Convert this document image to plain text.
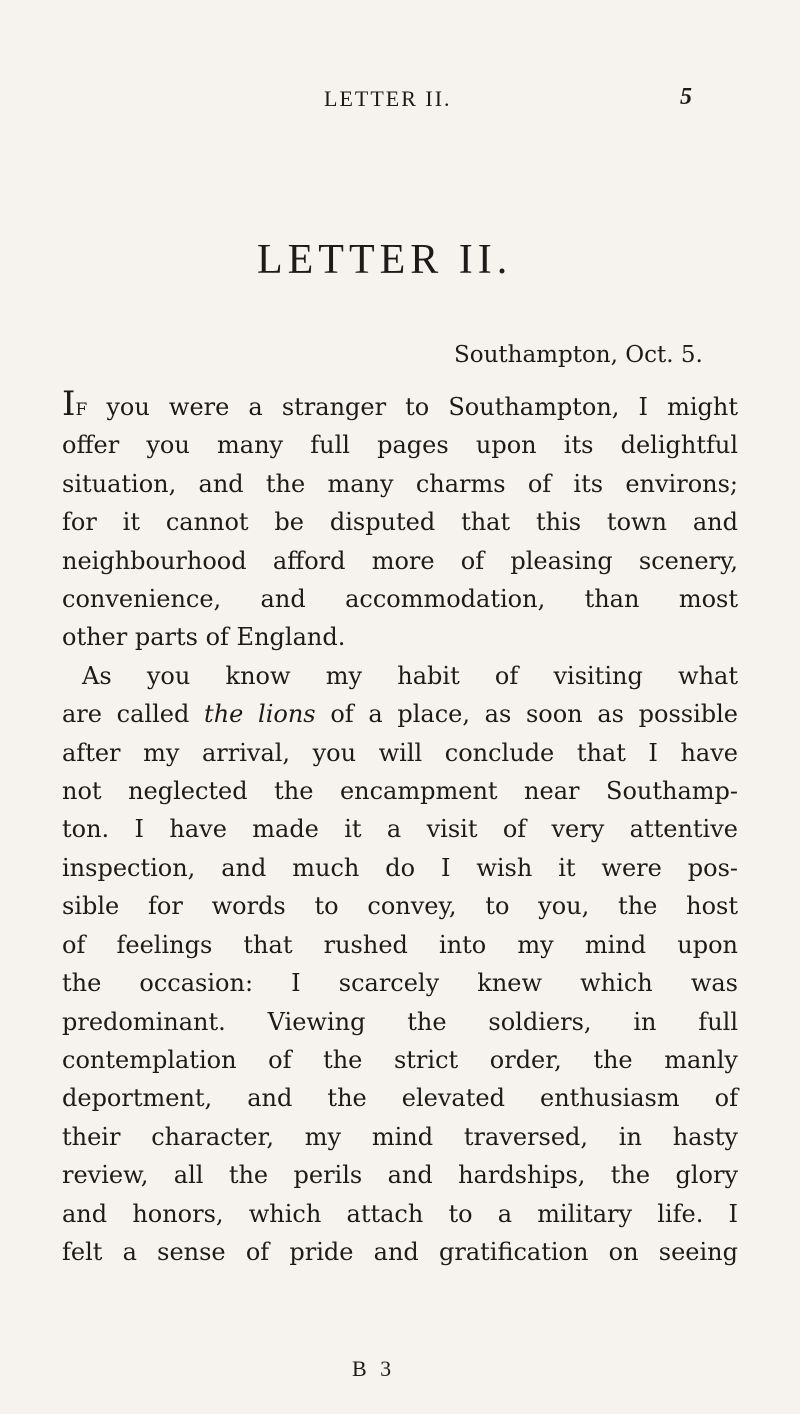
LETTER II.	5
LETTER II.
Southampton, Oct. 5.

If you were a stranger to Southampton, I might
offer you many full pages upon its delightful
situation, and the many charms of its environs;
for it cannot be disputed that this town and
neighbourhood afford more of pleasing scenery,
convenience, and accommodation, than most
other parts of England.

As you know my habit of visiting what
are called the lions of a place, as soon as possible
after my arrival, you will conclude that I have
not neglected the encampment near Southamp-
ton. I have made it a visit of very attentive
inspection, and much do I wish it were pos-
sible for words to convey, to you, the host
of feelings that rushed into my mind upon
the occasion: I scarcely knew which was
predominant. Viewing the soldiers, in full
contemplation of the strict order, the manly
deportment, and the elevated enthusiasm of
their character, my mind traversed, in hasty
review, all the perils and hardships, the glory
and honors, which attach to a military life. I
felt a sense of pride and gratification on seeing

B 3
